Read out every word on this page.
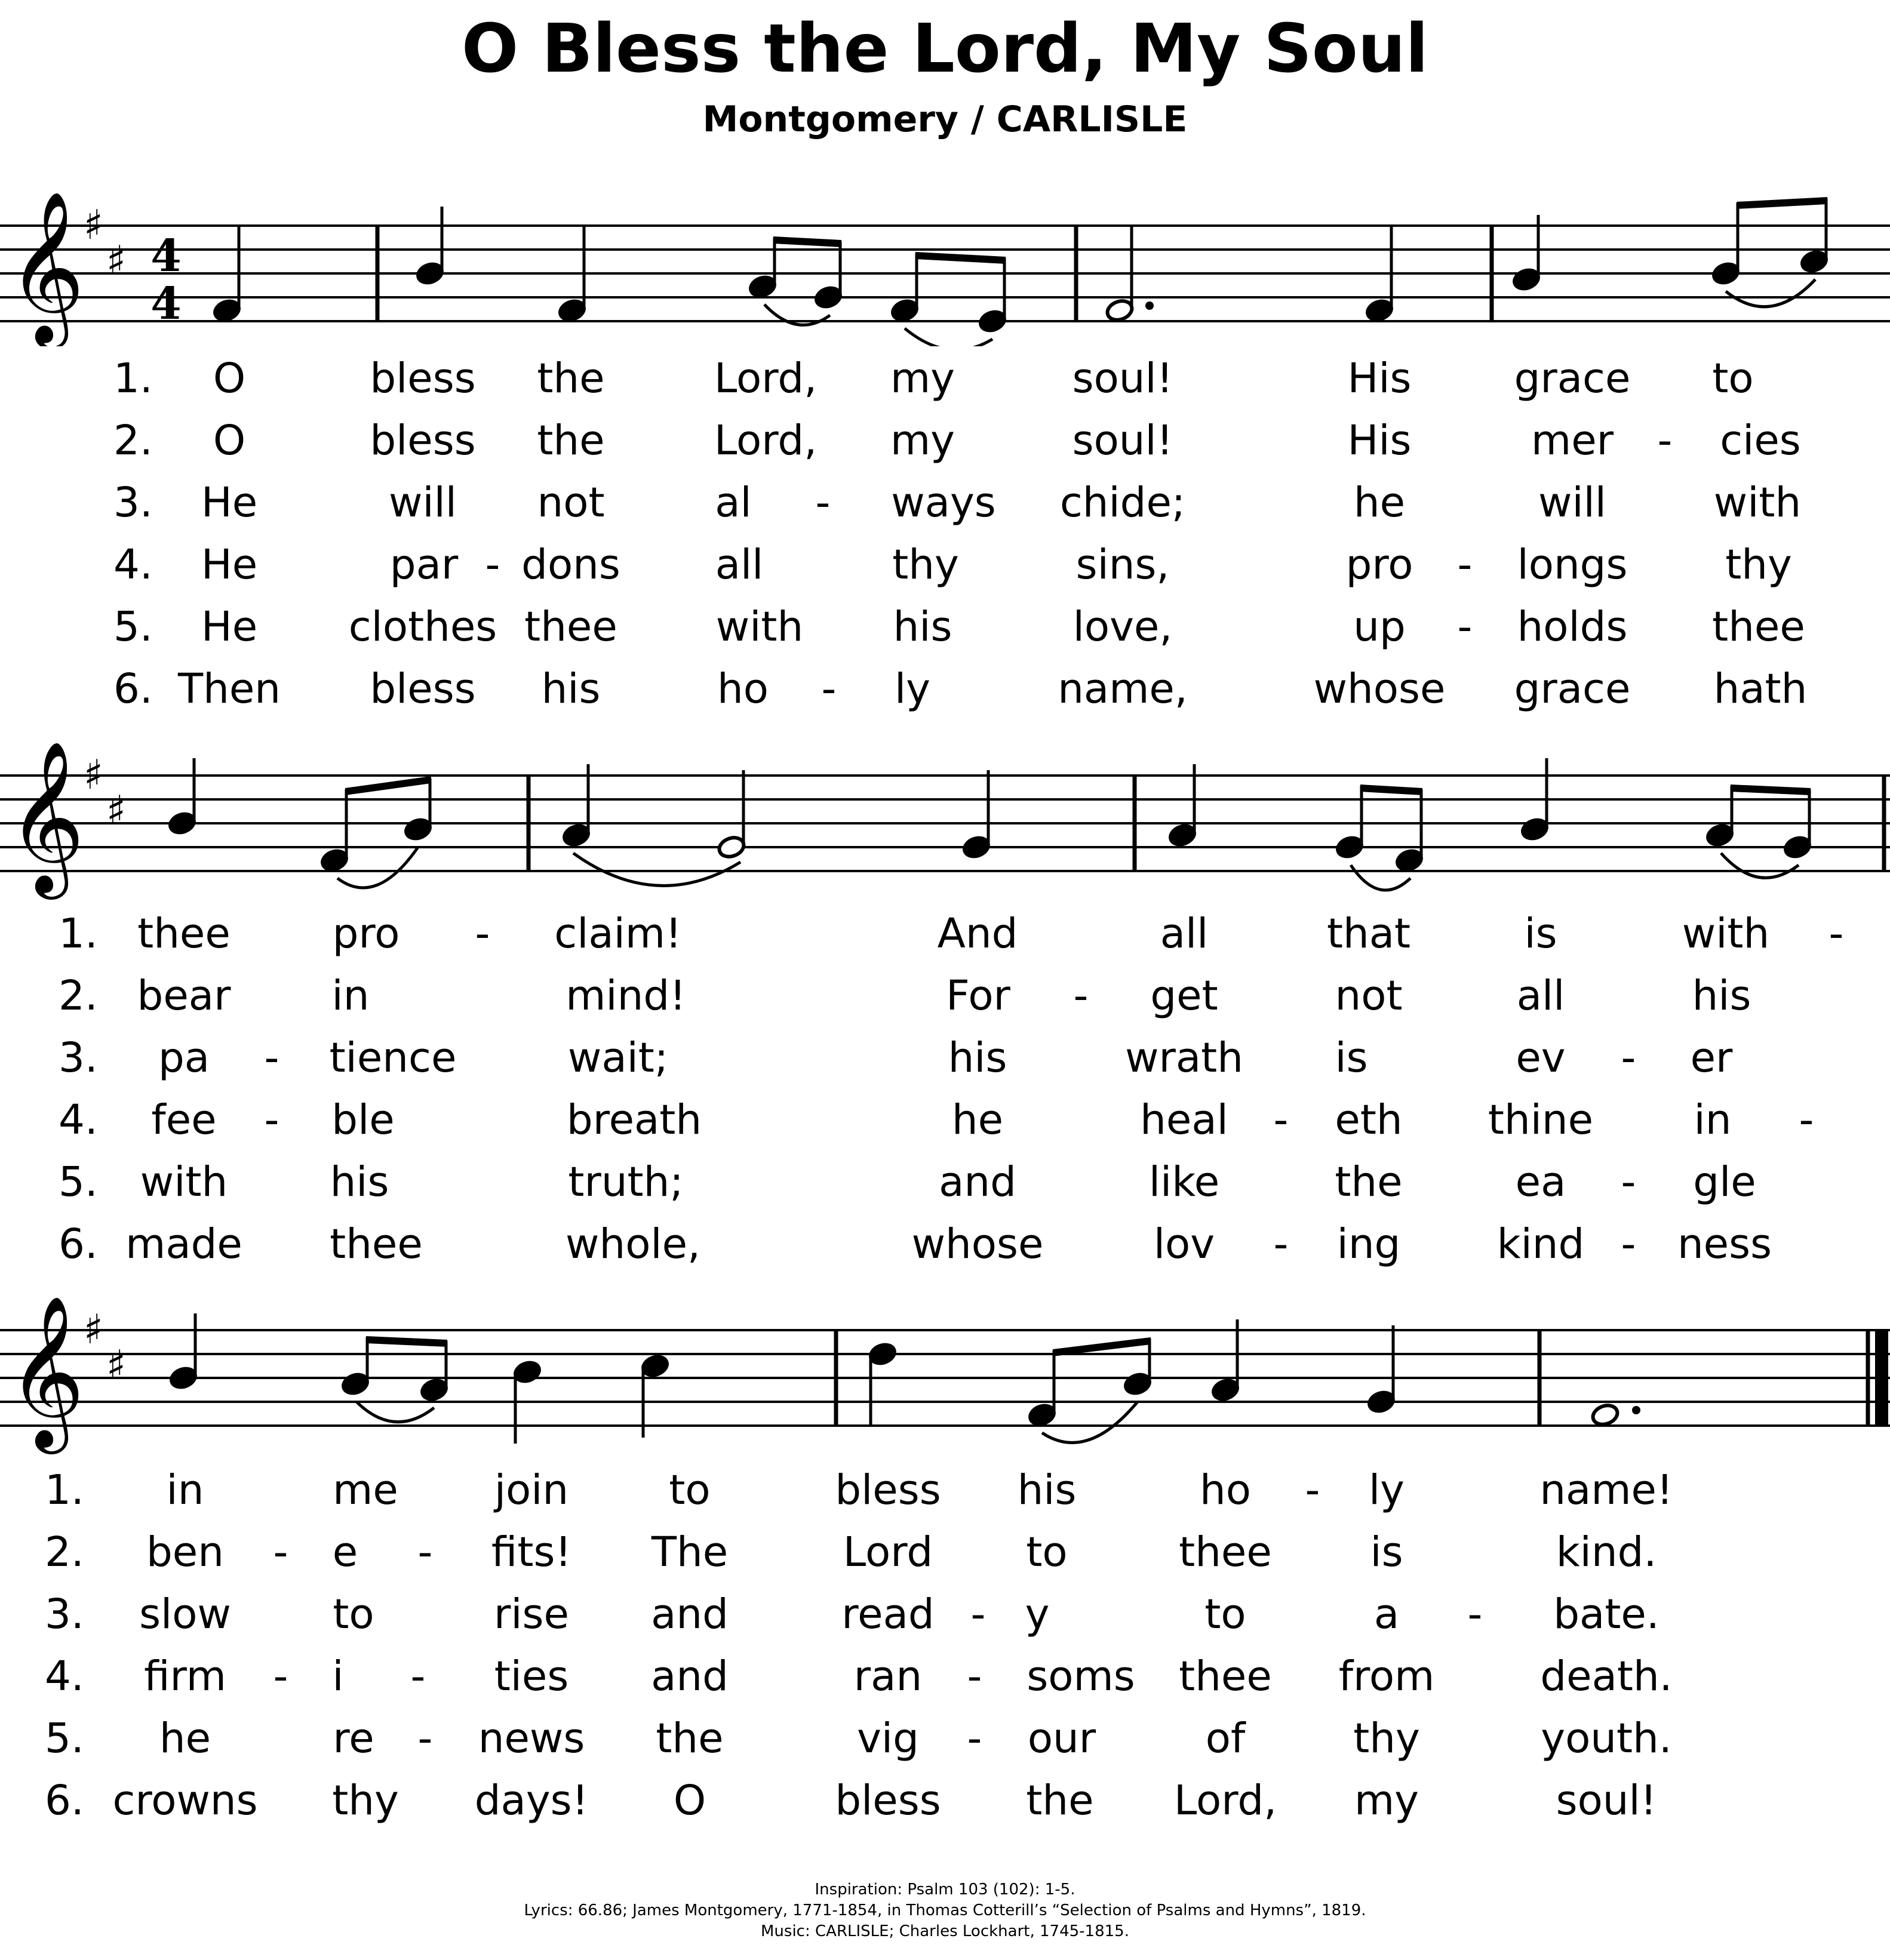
O Bless the Lord, My Soul
Montgomery / CARLISLE
𝄞
♯
♯ 4
4
1. O	bless the	Lord, my	soul!	His grace to
2. O	bless the	Lord, my	soul!	His	mer - cies
3. He	will not	al - ways chide;	he	will	with
4. He	par - dons all	thy	sins,	pro - longs thy
5. He clothes thee with his	love,	up - holds thee
6. Then bless his	ho - ly	name,	whose grace hath
𝄞
♯
♯
1. thee pro - claim!	And	all	that	is	with -
2. bear in	mind!	For - get	not	all	his
3. pa - tience	wait;	his	wrath is	ev - er
4. fee - ble	breath	he	heal - eth thine in -
5. with his	truth;	and	like	the	ea - gle
6. made thee	whole,	whose	lov - ing kind - ness
𝄞
♯
♯
1. in	me join to	bless his	ho - ly	name!
2. ben - e - fits! The	Lord to	thee is	kind.
3. slow to	rise and	read - y	to	a - bate.
4. firm - i - ties and	ran - soms thee from	death.
5. he	re - news the	vig - our	of	thy	youth.
6. crowns thy days! O	bless the Lord, my	soul!
Inspiration: Psalm 103 (102): 1-5.
Lyrics: 66.86; James Montgomery, 1771-1854, in Thomas Cotterill’s “Selection of Psalms and Hymns”, 1819.
Music: CARLISLE; Charles Lockhart, 1745-1815.
